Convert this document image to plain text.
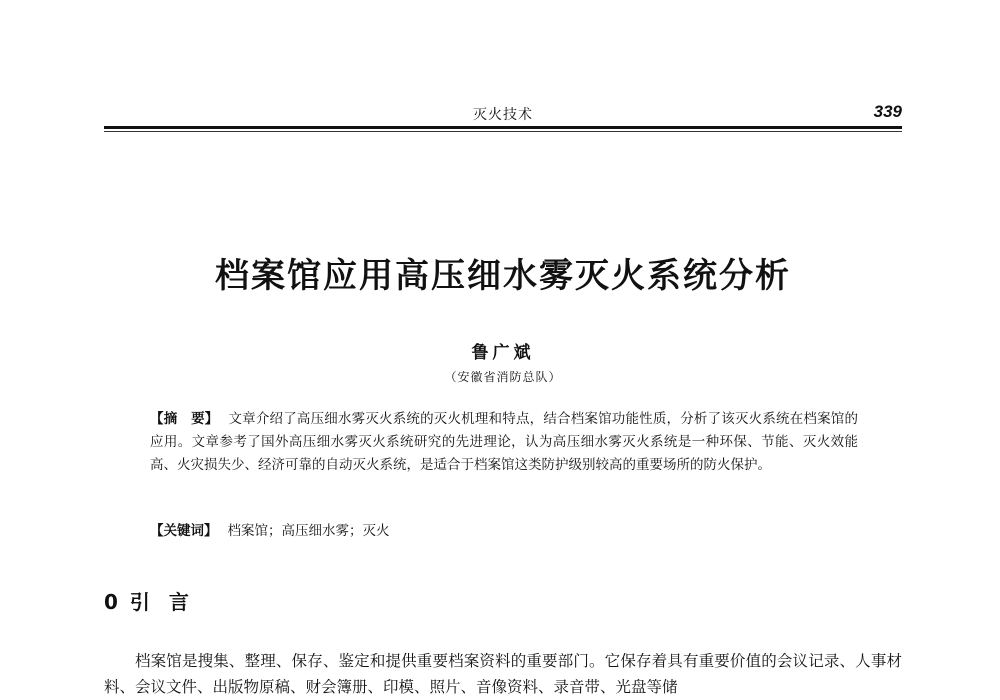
灭火技术	339
档案馆应用高压细水雾灭火系统分析
鲁广斌
（安徽省消防总队）
【摘　要】 文章介绍了高压细水雾灭火系统的灭火机理和特点，结合档案馆功能性质，分析了该灭火系统在档案馆的应用。文章参考了国外高压细水雾灭火系统研究的先进理论，认为高压细水雾灭火系统是一种环保、节能、灭火效能高、火灾损失少、经济可靠的自动灭火系统，是适合于档案馆这类防护级别较高的重要场所的防火保护。
【关键词】 档案馆；高压细水雾；灭火
0 引 言
档案馆是搜集、整理、保存、鉴定和提供重要档案资料的重要部门。它保存着具有重要价值的会议记录、人事材料、会议文件、出版物原稿、财会簿册、印模、照片、音像资料、录音带、光盘等储
